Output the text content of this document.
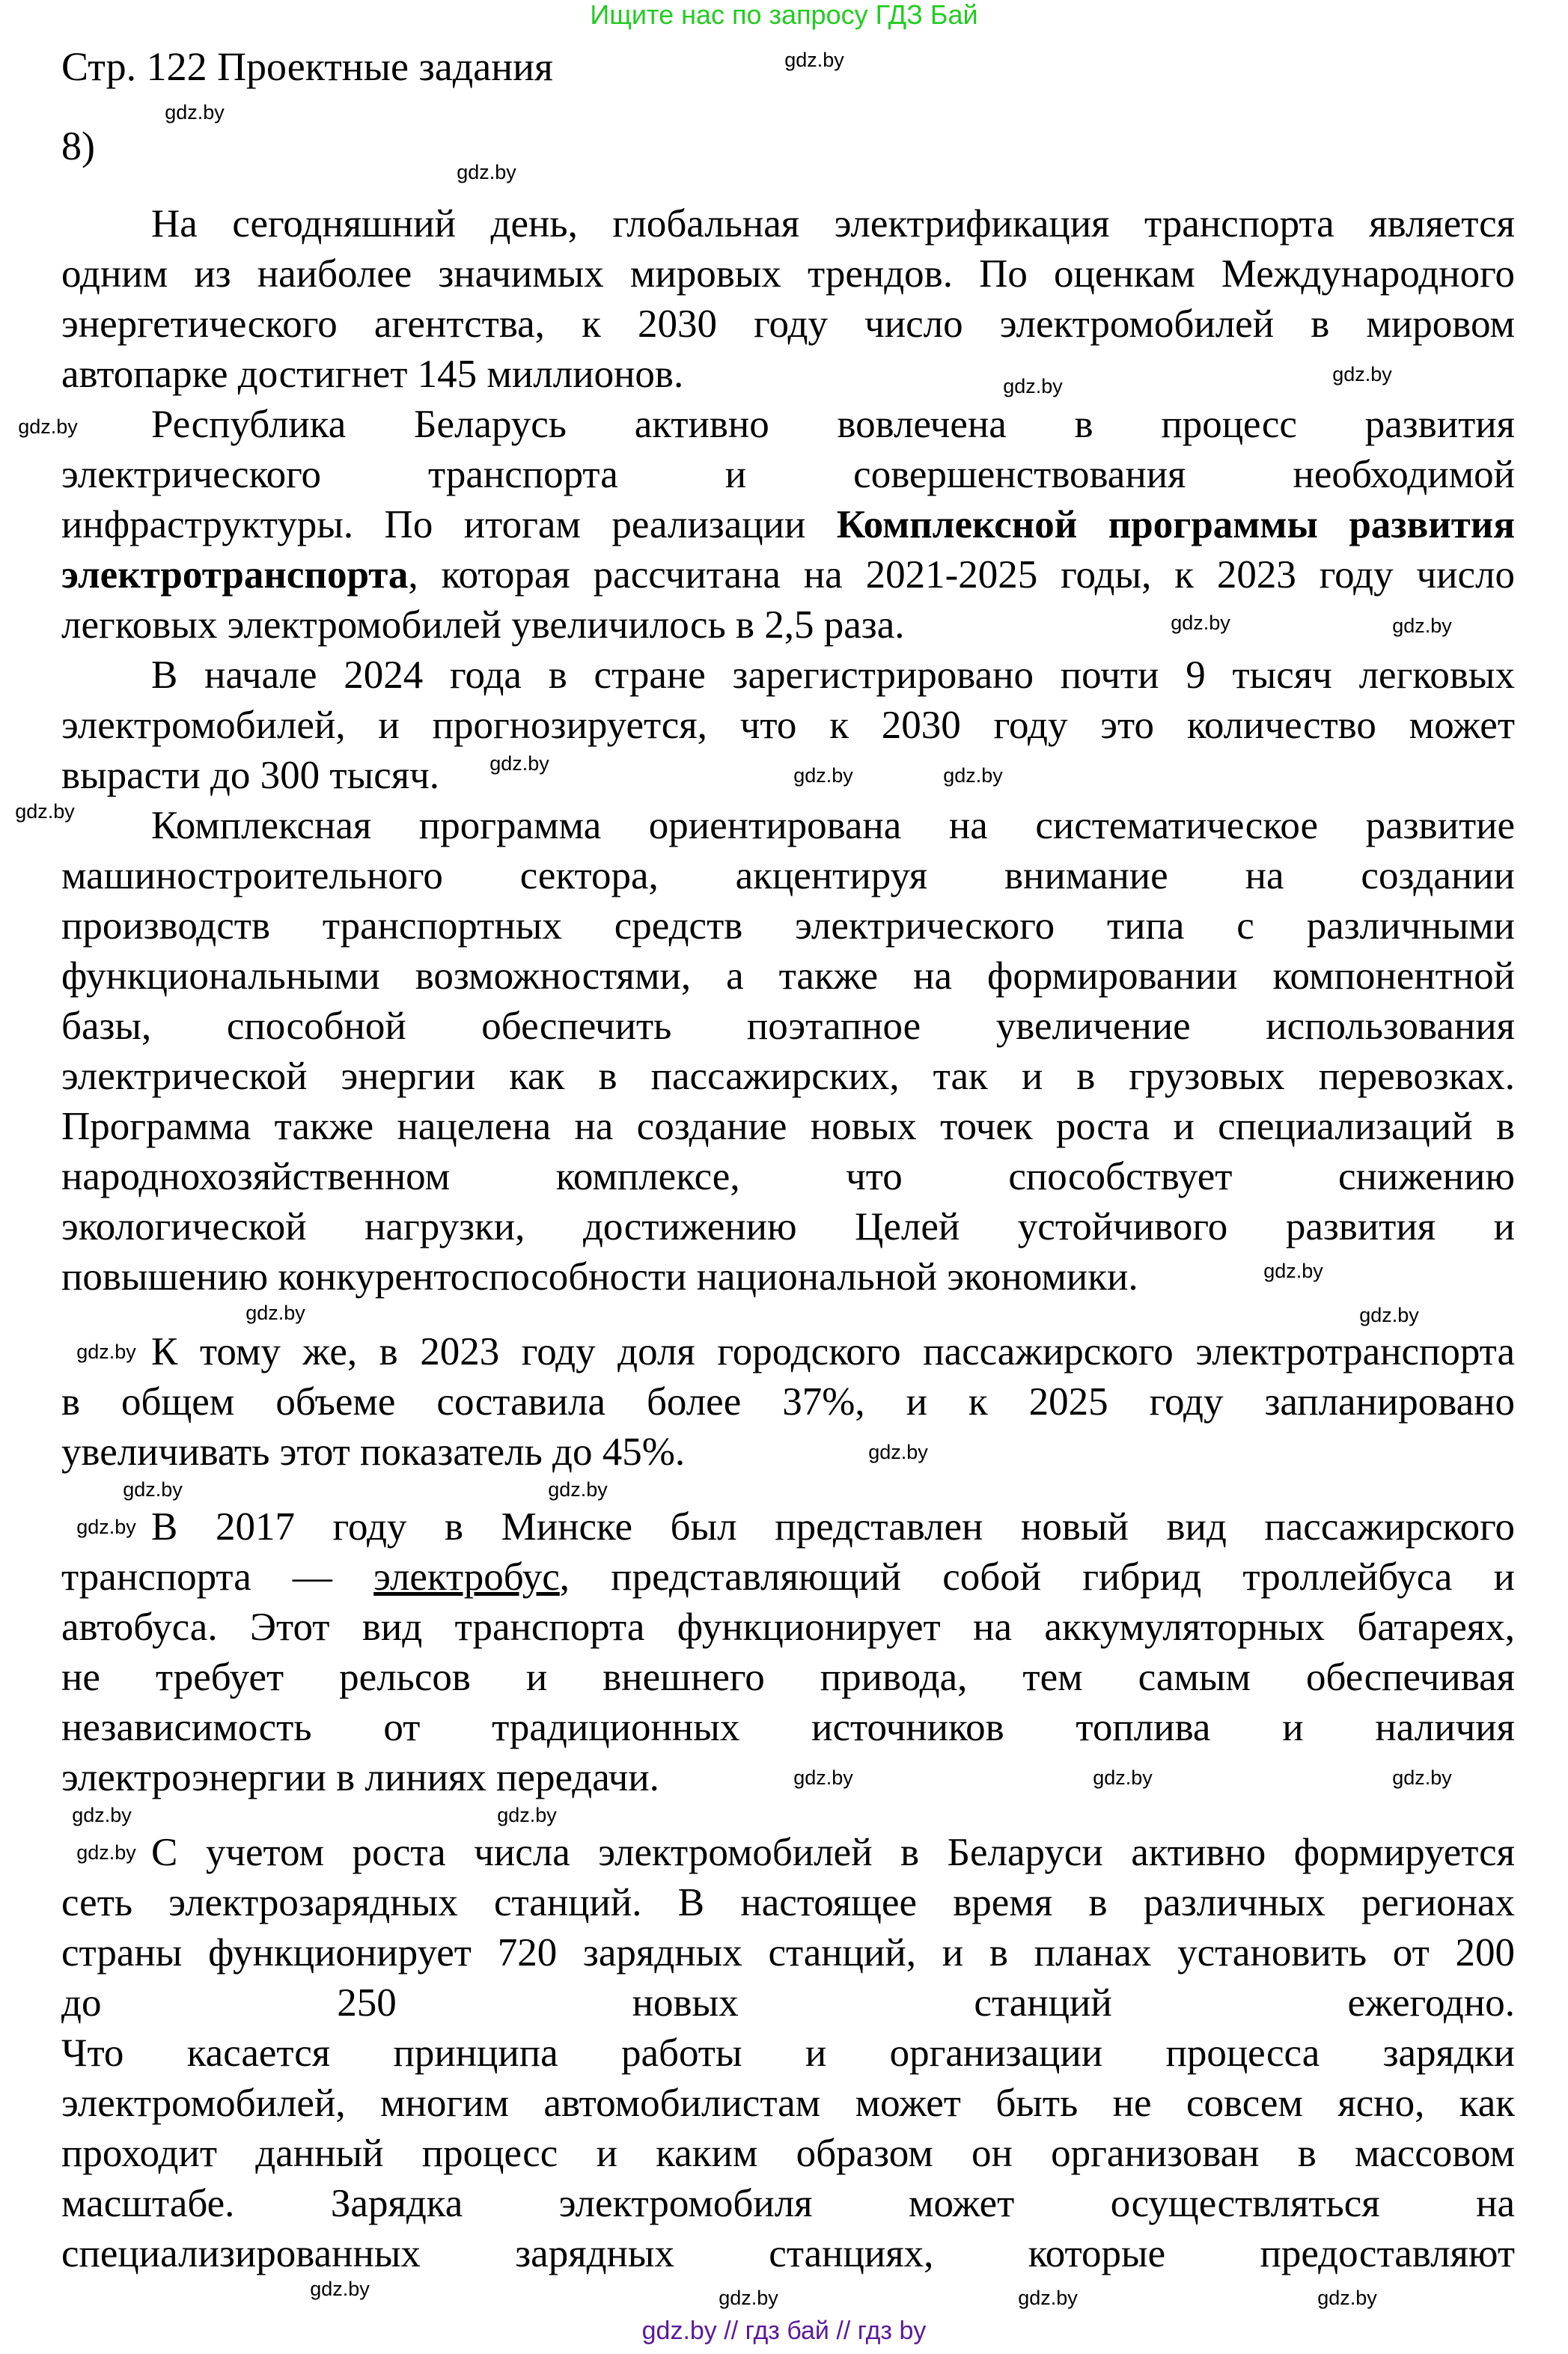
Ищите нас по запросу ГДЗ Бай
Стр. 122 Проектные задания
8)
На сегодняшний день, глобальная электрификация транспорта является
одним из наиболее значимых мировых трендов. По оценкам Международного
энергетического агентства, к 2030 году число электромобилей в мировом
автопарке достигнет 145 миллионов.
Республика Беларусь активно вовлечена в процесс развития
электрического транспорта и совершенствования необходимой
инфраструктуры. По итогам реализации Комплексной программы развития
электротранспорта, которая рассчитана на 2021-2025 годы, к 2023 году число
легковых электромобилей увеличилось в 2,5 раза.
В начале 2024 года в стране зарегистрировано почти 9 тысяч легковых
электромобилей, и прогнозируется, что к 2030 году это количество может
вырасти до 300 тысяч.
Комплексная программа ориентирована на систематическое развитие
машиностроительного сектора, акцентируя внимание на создании
производств транспортных средств электрического типа с различными
функциональными возможностями, а также на формировании компонентной
базы, способной обеспечить поэтапное увеличение использования
электрической энергии как в пассажирских, так и в грузовых перевозках.
Программа также нацелена на создание новых точек роста и специализаций в
народнохозяйственном комплексе, что способствует снижению
экологической нагрузки, достижению Целей устойчивого развития и
повышению конкурентоспособности национальной экономики.
К тому же, в 2023 году доля городского пассажирского электротранспорта
в общем объеме составила более 37%, и к 2025 году запланировано
увеличивать этот показатель до 45%.
В 2017 году в Минске был представлен новый вид пассажирского
транспорта — электробус, представляющий собой гибрид троллейбуса и
автобуса. Этот вид транспорта функционирует на аккумуляторных батареях,
не требует рельсов и внешнего привода, тем самым обеспечивая
независимость от традиционных источников топлива и наличия
электроэнергии в линиях передачи.
С учетом роста числа электромобилей в Беларуси активно формируется
сеть электрозарядных станций. В настоящее время в различных регионах
страны функционирует 720 зарядных станций, и в планах установить от 200
до 250 новых станций ежегодно.
Что касается принципа работы и организации процесса зарядки
электромобилей, многим автомобилистам может быть не совсем ясно, как
проходит данный процесс и каким образом он организован в массовом
масштабе. Зарядка электромобиля может осуществляться на
специализированных зарядных станциях, которые предоставляют
gdz.by
gdz.by
gdz.by
gdz.by
gdz.by
gdz.by
gdz.by
gdz.by
gdz.by
gdz.by
gdz.by
gdz.by
gdz.by
gdz.by
gdz.by
gdz.by
gdz.by
gdz.by
gdz.by
gdz.by	gdz.by
gdz.by
gdz.by
gdz.by
gdz.by
gdz.by
gdz.by	gdz.by
gdz.by
gdz.by
gdz.by // гдз бай // гдз by
